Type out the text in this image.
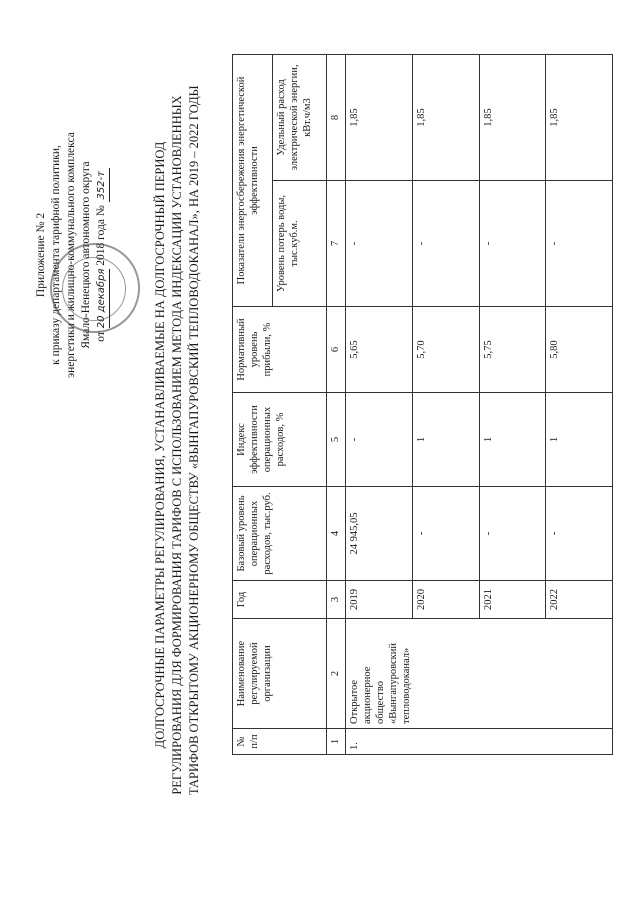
Приложение № 2 к приказу департамента тарифной политики, энергетики и жилищно-коммунального комплекса Ямало-Ненецкого автономного округа от 20 декабря 2018 года № 352-т	ДОЛГОСРОЧНЫЕ ПАРАМЕТРЫ РЕГУЛИРОВАНИЯ, УСТАНАВЛИВАЕМЫЕ НА ДОЛГОСРОЧНЫЙ ПЕРИОД РЕГУЛИРОВАНИЯ ДЛЯ ФОРМИРОВАНИЯ ТАРИФОВ С ИСПОЛЬЗОВАНИЕМ МЕТОДА ИНДЕКСАЦИИ УСТАНОВЛЕННЫХ ТАРИФОВ ОТКРЫТОМУ АКЦИОНЕРНОМУ ОБЩЕСТВУ «ВЫНГАПУРОВСКИЙ ТЕПЛОВОДОКАНАЛ», НА 2019 – 2022 ГОДЫ	№ п/п	Наименование регулируемой организации	Год	Базовый уровень операционных расходов, тыс.руб.	Индекс эффективности операционных расходов, %	Нормативный уровень прибыли, %	Показатели энергосбережения энергетической эффективности	
						Уровень потерь воды, тыс.куб.м.	Удельный расход электрической энергии, кВт.ч/м3
1	2	3	4	5	6	7	8
1.	Открытое акционерное общество «Вынгапуровский тепловодоканал»	2019	24 945,05	-	5,65	-	1,85
		2020	-	1	5,70	-	1,85
		2021	-	1	5,75	-	1,85
		2022	-	1	5,80	-	1,85
